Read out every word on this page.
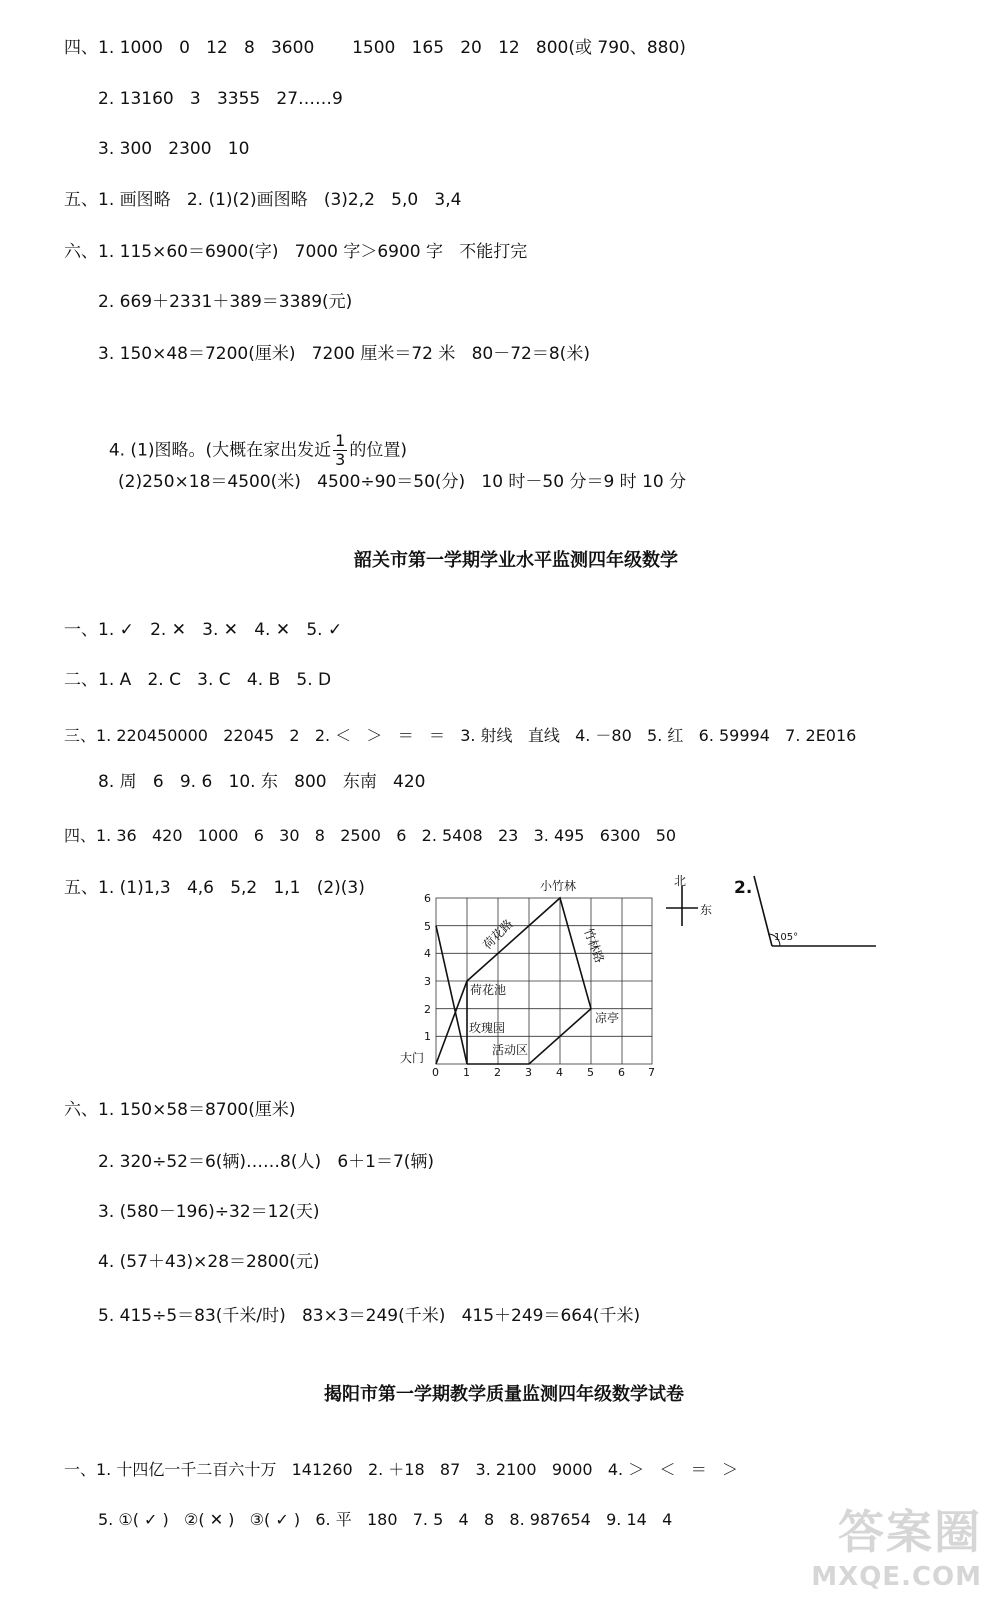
四、1. 1000   0   12   8   3600       1500   165   20   12   800(或 790、880)
2. 13160   3   3355   27……9
3. 300   2300   10
五、1. 画图略   2. (1)(2)画图略   (3)2,2   5,0   3,4
六、1. 115×60＝6900(字)   7000 字＞6900 字   不能打完
2. 669＋2331＋389＝3389(元)
3. 150×48＝7200(厘米)   7200 厘米＝72 米   80－72＝8(米)

4. (1)图略。(大概在家出发近 $\frac{1}{3}$ 的位置)

(2)250×18＝4500(米)   4500÷90＝50(分)   10 时－50 分＝9 时 10 分
韶关市第一学期学业水平监测四年级数学
一、1. ✓   2. ✕   3. ✕   4. ✕   5. ✓
二、1. A   2. C   3. C   4. B   5. D
三、1. 220450000   22045   2   2. ＜   ＞   ＝   ＝   3. 射线   直线   4. －80   5. 红   6. 59994   7. 2E016
8. 周   6   9. 6   10. 东   800   东南   420
四、1. 36   420   1000   6   30   8   2500   6   2. 5408   23   3. 495   6300   50
五、1. (1)1,3   4,6   5,2   1,1   (2)(3)
0 1 2 3 4 5 6 7
1
2
3
4
5
6
小竹林
荷花路	竹林路
荷花池
玫瑰园
活动区
凉亭
大门
北
东
2.
105°
六、1. 150×58＝8700(厘米)
2. 320÷52＝6(辆)……8(人)   6＋1＝7(辆)
3. (580－196)÷32＝12(天)
4. (57＋43)×28＝2800(元)
5. 415÷5＝83(千米/时)   83×3＝249(千米)   415＋249＝664(千米)
揭阳市第一学期教学质量监测四年级数学试卷
一、1. 十四亿一千二百六十万   141260   2. ＋18   87   3. 2100   9000   4. ＞   ＜   ＝   ＞
5. ①( ✓ )   ②( ✕ )   ③( ✓ )   6. 平   180   7. 5   4   8   8. 987654   9. 14   4	答案圈
MXQE.COM
